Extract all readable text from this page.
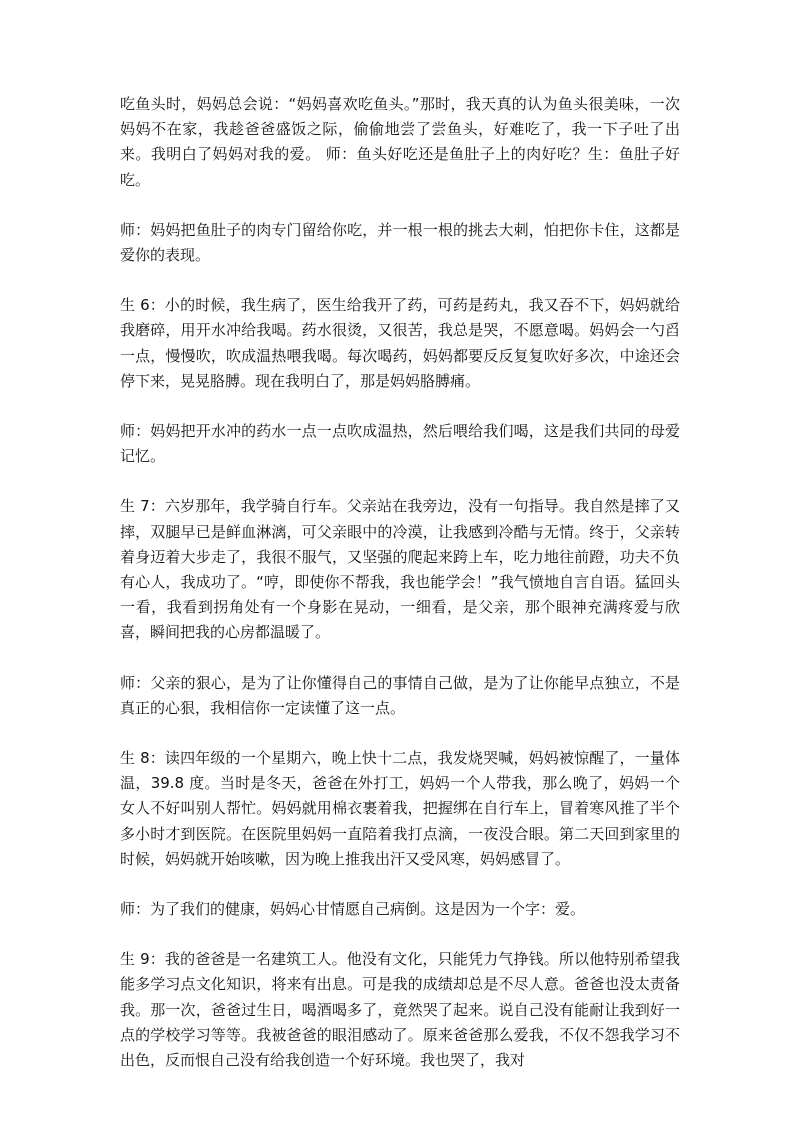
吃鱼头时，妈妈总会说：“妈妈喜欢吃鱼头。”那时，我天真的认为鱼头很美味，一次妈妈不在家，我趁爸爸盛饭之际，偷偷地尝了尝鱼头，好难吃了，我一下子吐了出来。我明白了妈妈对我的爱。 师：鱼头好吃还是鱼肚子上的肉好吃？生：鱼肚子好吃。

师：妈妈把鱼肚子的肉专门留给你吃，并一根一根的挑去大刺，怕把你卡住，这都是爱你的表现。

生 6：小的时候，我生病了，医生给我开了药，可药是药丸，我又吞不下，妈妈就给我磨碎，用开水冲给我喝。药水很烫，又很苦，我总是哭，不愿意喝。妈妈会一勺舀一点，慢慢吹，吹成温热喂我喝。每次喝药，妈妈都要反反复复吹好多次，中途还会停下来，晃晃胳膊。现在我明白了，那是妈妈胳膊痛。

师：妈妈把开水冲的药水一点一点吹成温热，然后喂给我们喝，这是我们共同的母爱记忆。

生 7：六岁那年，我学骑自行车。父亲站在我旁边，没有一句指导。我自然是摔了又摔，双腿早已是鲜血淋漓，可父亲眼中的冷漠，让我感到冷酷与无情。终于，父亲转着身迈着大步走了，我很不服气，又坚强的爬起来跨上车，吃力地往前蹬，功夫不负有心人，我成功了。“哼，即使你不帮我，我也能学会！”我气愤地自言自语。猛回头一看，我看到拐角处有一个身影在晃动，一细看，是父亲，那个眼神充满疼爱与欣喜，瞬间把我的心房都温暖了。

师：父亲的狠心，是为了让你懂得自己的事情自己做，是为了让你能早点独立，不是真正的心狠，我相信你一定读懂了这一点。

生 8：读四年级的一个星期六，晚上快十二点，我发烧哭喊，妈妈被惊醒了，一量体温，39.8 度。当时是冬天，爸爸在外打工，妈妈一个人带我，那么晚了，妈妈一个女人不好叫别人帮忙。妈妈就用棉衣裹着我，把握绑在自行车上，冒着寒风推了半个多小时才到医院。在医院里妈妈一直陪着我打点滴，一夜没合眼。第二天回到家里的时候，妈妈就开始咳嗽，因为晚上推我出汗又受风寒，妈妈感冒了。

师：为了我们的健康，妈妈心甘情愿自己病倒。这是因为一个字：爱。

生 9：我的爸爸是一名建筑工人。他没有文化，只能凭力气挣钱。所以他特别希望我能多学习点文化知识，将来有出息。可是我的成绩却总是不尽人意。爸爸也没太责备我。那一次，爸爸过生日，喝酒喝多了，竟然哭了起来。说自己没有能耐让我到好一点的学校学习等等。我被爸爸的眼泪感动了。原来爸爸那么爱我，不仅不怨我学习不出色，反而恨自己没有给我创造一个好环境。我也哭了，我对
